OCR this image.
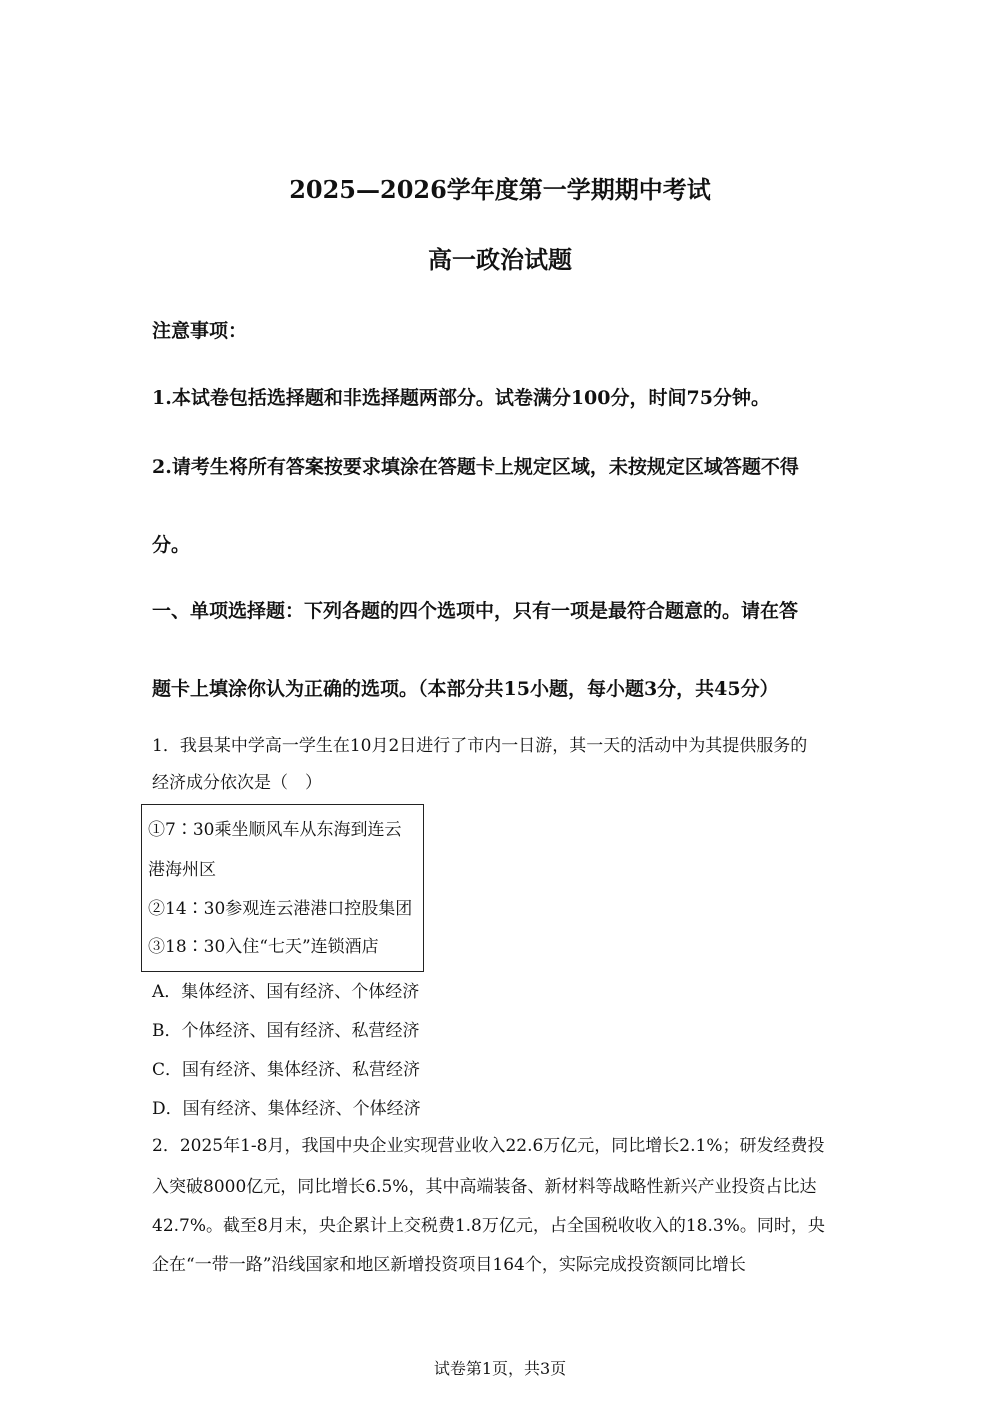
2025—2026学年度第一学期期中考试
高一政治试题
注意事项：
1.本试卷包括选择题和非选择题两部分。试卷满分100分，时间75分钟。
2.请考生将所有答案按要求填涂在答题卡上规定区域，未按规定区域答题不得
分。
一、单项选择题：下列各题的四个选项中，只有一项是最符合题意的。请在答
题卡上填涂你认为正确的选项。（本部分共15小题，每小题3分，共45分）
1．我县某中学高一学生在10月2日进行了市内一日游，其一天的活动中为其提供服务的
经济成分依次是（　）
①7∶30乘坐顺风车从东海到连云
港海州区
②14∶30参观连云港港口控股集团
③18∶30入住“七天”连锁酒店
A．集体经济、国有经济、个体经济
B．个体经济、国有经济、私营经济
C．国有经济、集体经济、私营经济
D．国有经济、集体经济、个体经济
2．2025年1-8月，我国中央企业实现营业收入22.6万亿元，同比增长2.1%；研发经费投
入突破8000亿元，同比增长6.5%，其中高端装备、新材料等战略性新兴产业投资占比达
42.7%。截至8月末，央企累计上交税费1.8万亿元，占全国税收收入的18.3%。同时，央
企在“一带一路”沿线国家和地区新增投资项目164个，实际完成投资额同比增长
试卷第1页，共3页
